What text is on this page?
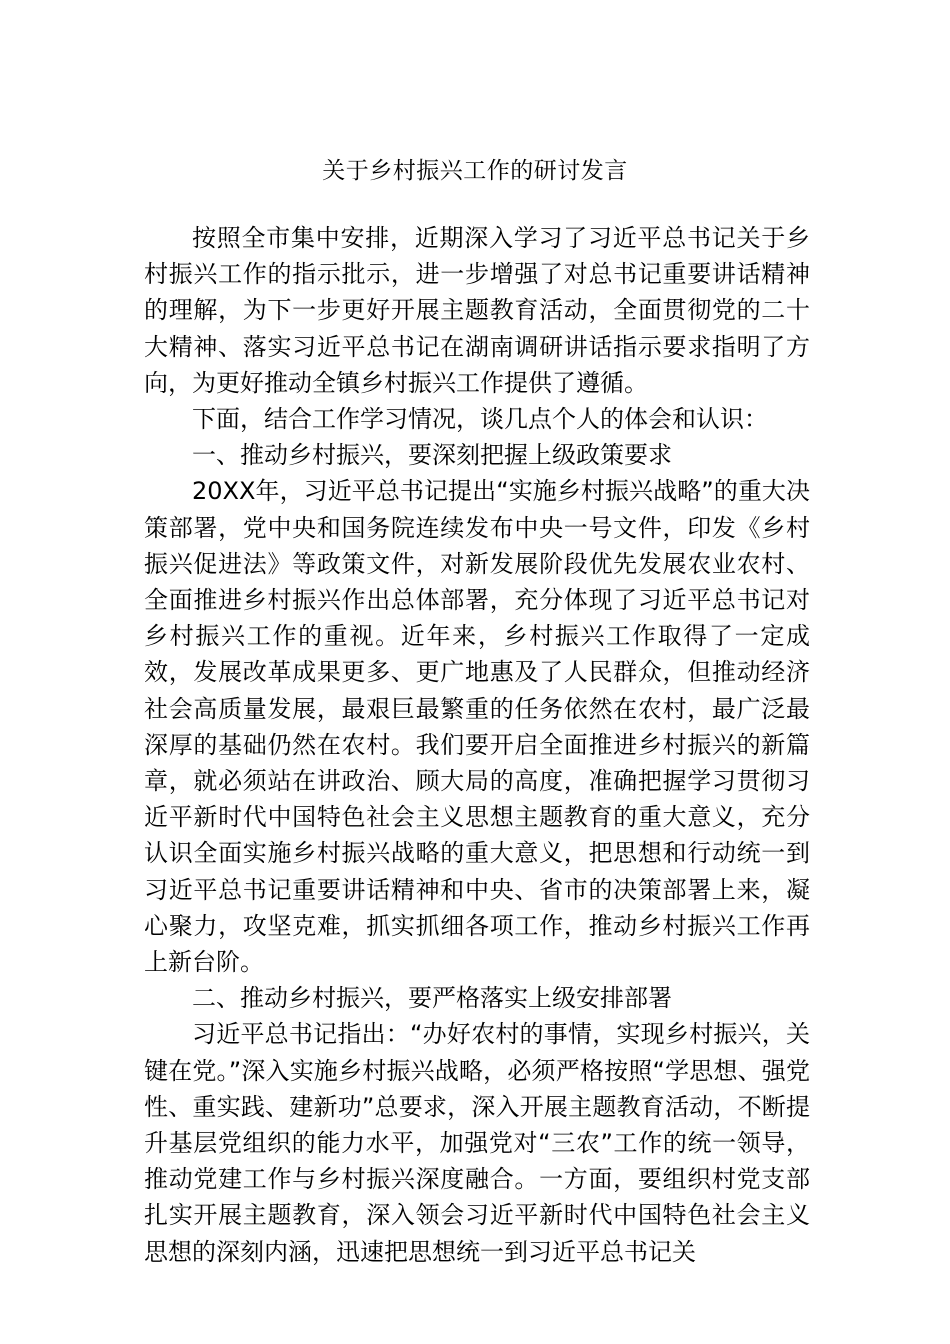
关于乡村振兴工作的研讨发言

按照全市集中安排，近期深入学习了习近平总书记关于乡村振兴工作的指示批示，进一步增强了对总书记重要讲话精神的理解，为下一步更好开展主题教育活动，全面贯彻党的二十大精神、落实习近平总书记在湖南调研讲话指示要求指明了方向，为更好推动全镇乡村振兴工作提供了遵循。

下面，结合工作学习情况，谈几点个人的体会和认识：

一、推动乡村振兴，要深刻把握上级政策要求

20XX年，习近平总书记提出“实施乡村振兴战略”的重大决策部署，党中央和国务院连续发布中央一号文件，印发《乡村振兴促进法》等政策文件，对新发展阶段优先发展农业农村、全面推进乡村振兴作出总体部署，充分体现了习近平总书记对乡村振兴工作的重视。近年来，乡村振兴工作取得了一定成效，发展改革成果更多、更广地惠及了人民群众，但推动经济社会高质量发展，最艰巨最繁重的任务依然在农村，最广泛最深厚的基础仍然在农村。我们要开启全面推进乡村振兴的新篇章，就必须站在讲政治、顾大局的高度，准确把握学习贯彻习近平新时代中国特色社会主义思想主题教育的重大意义，充分认识全面实施乡村振兴战略的重大意义，把思想和行动统一到习近平总书记重要讲话精神和中央、省市的决策部署上来，凝心聚力，攻坚克难，抓实抓细各项工作，推动乡村振兴工作再上新台阶。

二、推动乡村振兴，要严格落实上级安排部署

习近平总书记指出：“办好农村的事情，实现乡村振兴，关键在党。”深入实施乡村振兴战略，必须严格按照“学思想、强党性、重实践、建新功”总要求，深入开展主题教育活动，不断提升基层党组织的能力水平，加强党对“三农”工作的统一领导，推动党建工作与乡村振兴深度融合。一方面，要组织村党支部扎实开展主题教育，深入领会习近平新时代中国特色社会主义思想的深刻内涵，迅速把思想统一到习近平总书记关
